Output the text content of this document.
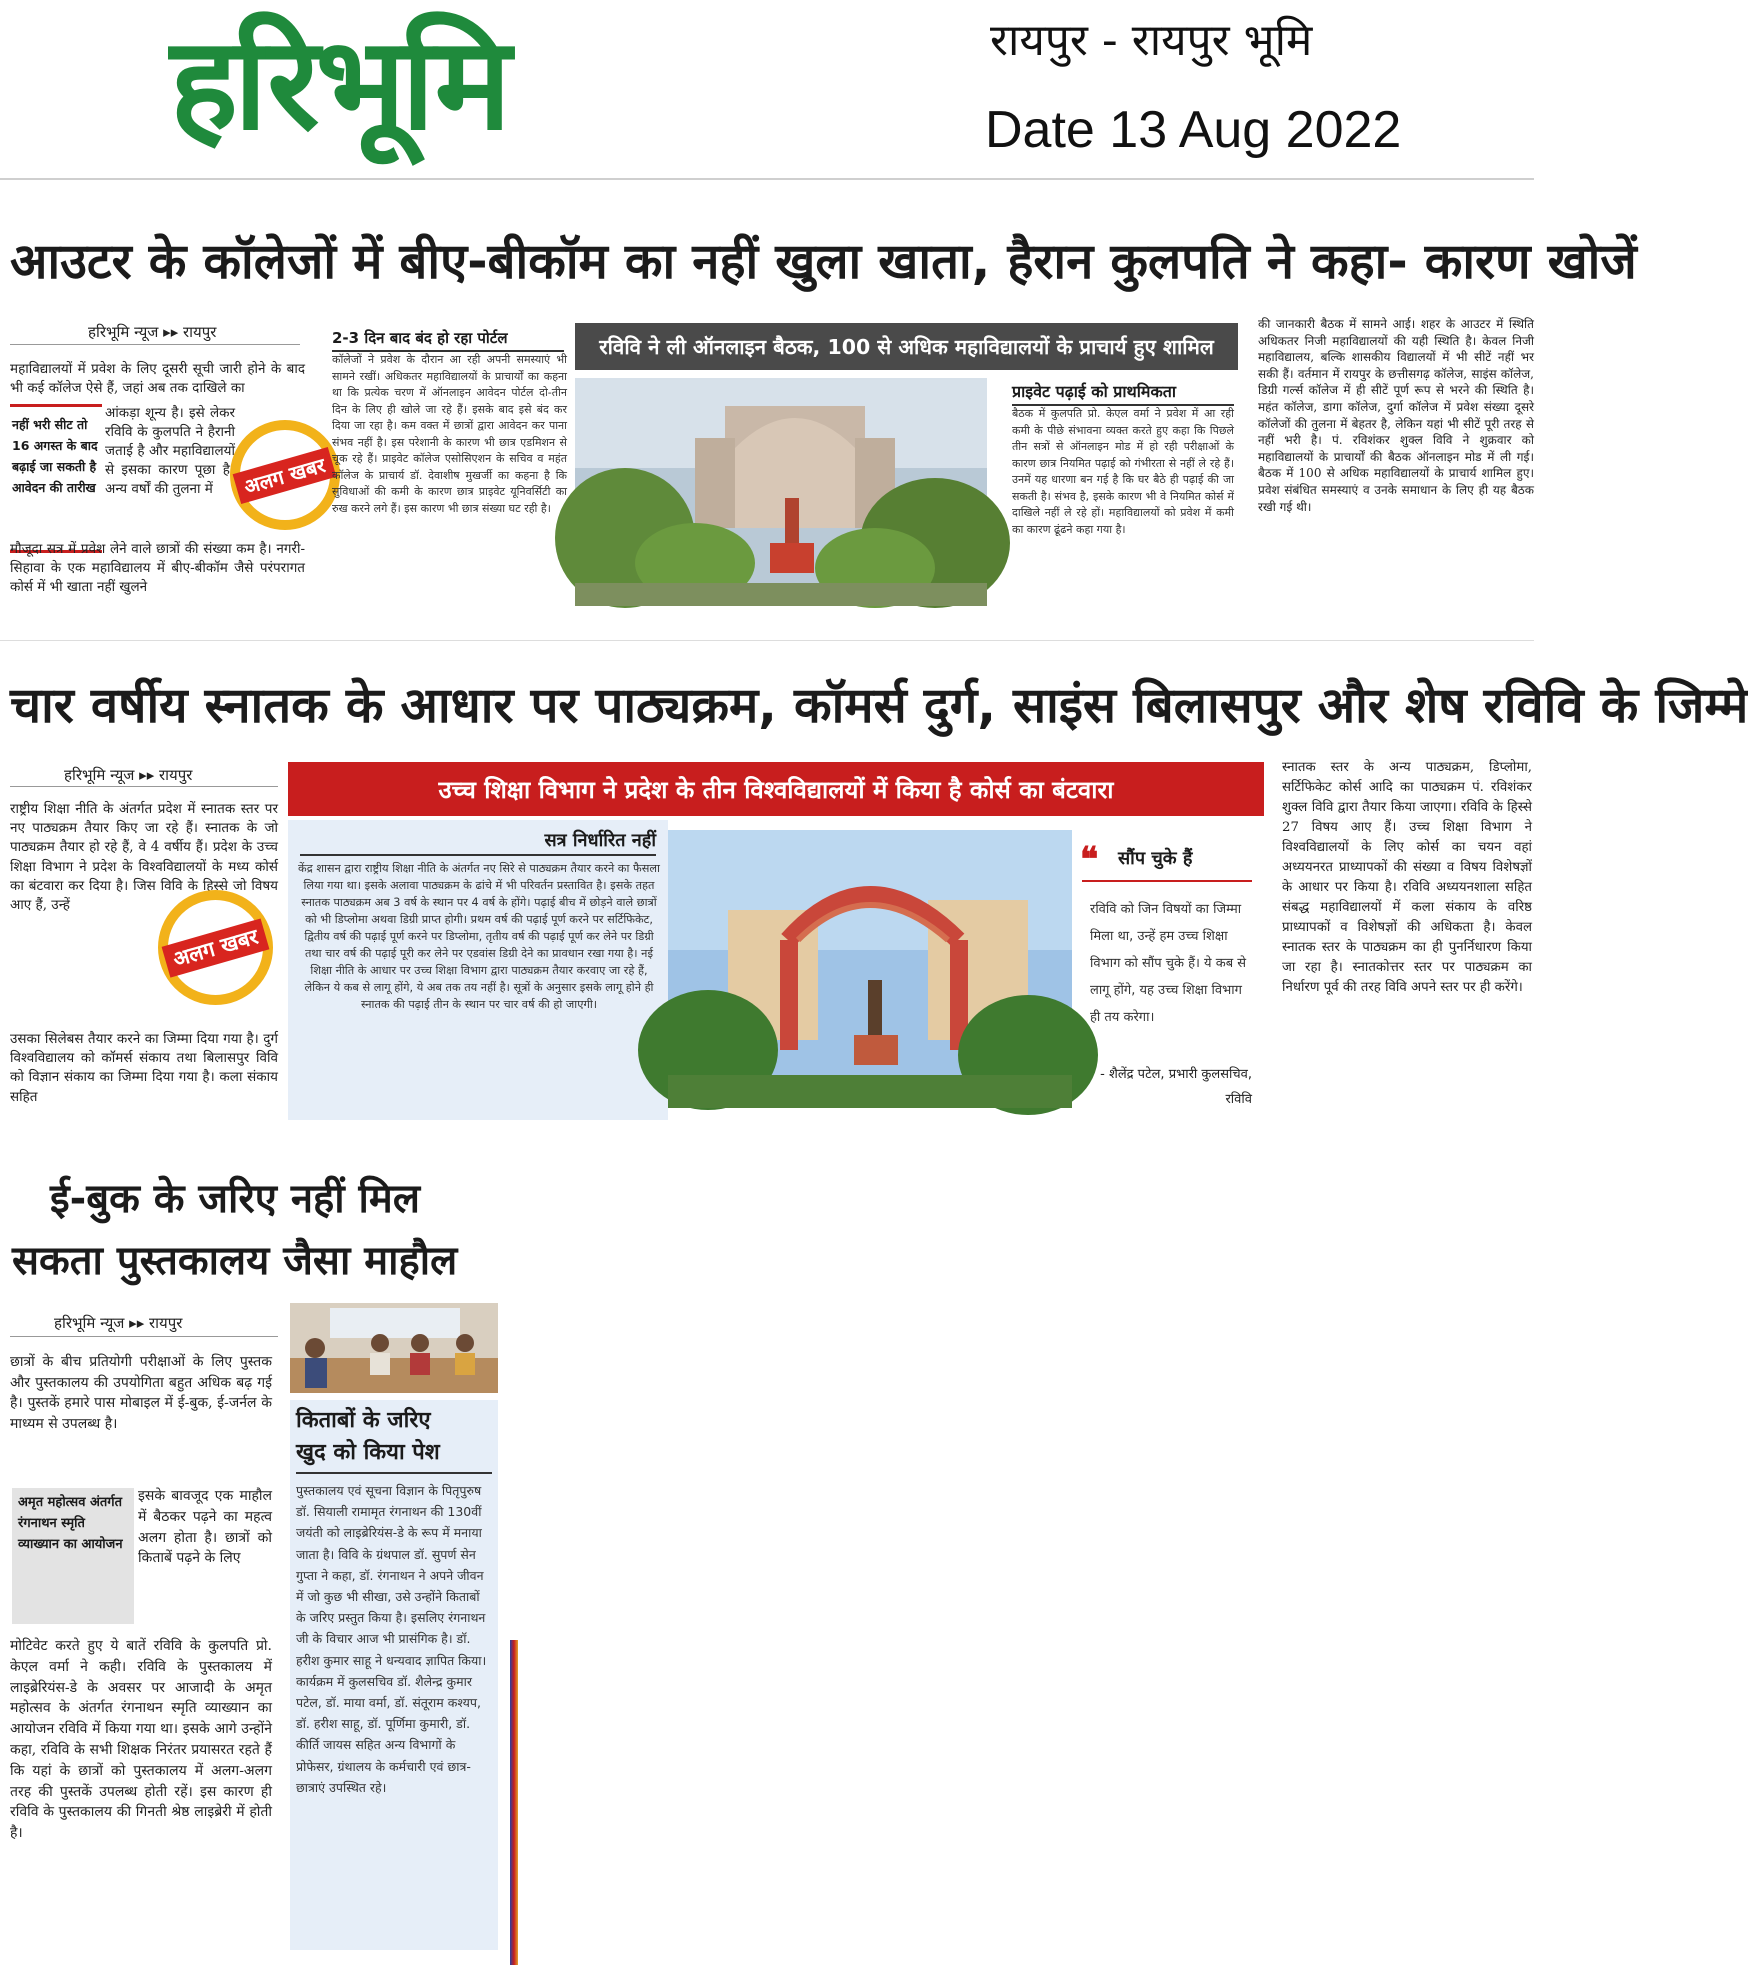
हरिभूमि	रायपुर - रायपुर भूमि
Date 13 Aug 2022
आउटर के कॉलेजों में बीए-बीकॉम का नहीं खुला खाता, हैरान कुलपति ने कहा- कारण खोजें
हरिभूमि न्यूज ▸▸ रायपुर
महाविद्यालयों में प्रवेश के लिए दूसरी सूची जारी होने के बाद भी कई कॉलेज ऐसे हैं, जहां अब तक दाखिले का
नहीं भरी सीट तो 16 अगस्त के बाद बढ़ाई जा सकती है आवेदन की तारीख
आंकड़ा शून्य है। इसे लेकर रविवि के कुलपति ने हैरानी जताई है और महाविद्यालयों से इसका कारण पूछा है। अन्य वर्षों की तुलना में	अलग खबर
मौजूदा सत्र में प्रवेश लेने वाले छात्रों की संख्या कम है। नगरी-सिहावा के एक महाविद्यालय में बीए-बीकॉम जैसे परंपरागत कोर्स में भी खाता नहीं खुलने
2-3 दिन बाद बंद हो रहा पोर्टल
कॉलेजों ने प्रवेश के दौरान आ रही अपनी समस्याएं भी सामने रखीं। अधिकतर महाविद्यालयों के प्राचार्यों का कहना था कि प्रत्येक चरण में ऑनलाइन आवेदन पोर्टल दो-तीन दिन के लिए ही खोले जा रहे हैं। इसके बाद इसे बंद कर दिया जा रहा है। कम वक्त में छात्रों द्वारा आवेदन कर पाना संभव नहीं है। इस परेशानी के कारण भी छात्र एडमिशन से चूक रहे हैं। प्राइवेट कॉलेज एसोसिएशन के सचिव व महंत कॉलेज के प्राचार्य डॉ. देवाशीष मुखर्जी का कहना है कि सुविधाओं की कमी के कारण छात्र प्राइवेट यूनिवर्सिटी का रुख करने लगे हैं। इस कारण भी छात्र संख्या घट रही है।
रविवि ने ली ऑनलाइन बैठक, 100 से अधिक महाविद्यालयों के प्राचार्य हुए शामिल
प्राइवेट पढ़ाई को प्राथमिकता
बैठक में कुलपति प्रो. केएल वर्मा ने प्रवेश में आ रही कमी के पीछे संभावना व्यक्त करते हुए कहा कि पिछले तीन सत्रों से ऑनलाइन मोड में हो रही परीक्षाओं के कारण छात्र नियमित पढ़ाई को गंभीरता से नहीं ले रहे हैं। उनमें यह धारणा बन गई है कि घर बैठे ही पढ़ाई की जा सकती है। संभव है, इसके कारण भी वे नियमित कोर्स में दाखिले नहीं ले रहे हों। महाविद्यालयों को प्रवेश में कमी का कारण ढूंढने कहा गया है।
की जानकारी बैठक में सामने आई। शहर के आउटर में स्थिति अधिकतर निजी महाविद्यालयों की यही स्थिति है। केवल निजी महाविद्यालय, बल्कि शासकीय विद्यालयों में भी सीटें नहीं भर सकी हैं। वर्तमान में रायपुर के छत्तीसगढ़ कॉलेज, साइंस कॉलेज, डिग्री गर्ल्स कॉलेज में ही सीटें पूर्ण रूप से भरने की स्थिति है। महंत कॉलेज, डागा कॉलेज, दुर्गा कॉलेज में प्रवेश संख्या दूसरे कॉलेजों की तुलना में बेहतर है, लेकिन यहां भी सीटें पूरी तरह से नहीं भरी है। पं. रविशंकर शुक्ल विवि ने शुक्रवार को महाविद्यालयों के प्राचार्यों की बैठक ऑनलाइन मोड में ली गई। बैठक में 100 से अधिक महाविद्यालयों के प्राचार्य शामिल हुए। प्रवेश संबंधित समस्याएं व उनके समाधान के लिए ही यह बैठक रखी गई थी।
चार वर्षीय स्नातक के आधार पर पाठ्यक्रम, कॉमर्स दुर्ग, साइंस बिलासपुर और शेष रविवि के जिम्मे
हरिभूमि न्यूज ▸▸ रायपुर
राष्ट्रीय शिक्षा नीति के अंतर्गत प्रदेश में स्नातक स्तर पर नए पाठ्यक्रम तैयार किए जा रहे हैं। स्नातक के जो पाठ्यक्रम तैयार हो रहे हैं, वे 4 वर्षीय हैं। प्रदेश के उच्च शिक्षा विभाग ने प्रदेश के विश्वविद्यालयों के मध्य कोर्स का बंटवारा कर दिया है। जिस विवि के हिस्से जो विषय आए हैं, उन्हें
अलग खबर
उसका सिलेबस तैयार करने का जिम्मा दिया गया है। दुर्ग विश्वविद्यालय को कॉमर्स संकाय तथा बिलासपुर विवि को विज्ञान संकाय का जिम्मा दिया गया है। कला संकाय सहित
उच्च शिक्षा विभाग ने प्रदेश के तीन विश्वविद्यालयों में किया है कोर्स का बंटवारा
सत्र निर्धारित नहीं
केंद्र शासन द्वारा राष्ट्रीय शिक्षा नीति के अंतर्गत नए सिरे से पाठ्यक्रम तैयार करने का फैसला लिया गया था। इसके अलावा पाठ्यक्रम के ढांचे में भी परिवर्तन प्रस्तावित है। इसके तहत स्नातक पाठ्यक्रम अब 3 वर्ष के स्थान पर 4 वर्ष के होंगे। पढ़ाई बीच में छोड़ने वाले छात्रों को भी डिप्लोमा अथवा डिग्री प्राप्त होगी। प्रथम वर्ष की पढ़ाई पूर्ण करने पर सर्टिफिकेट, द्वितीय वर्ष की पढ़ाई पूर्ण करने पर डिप्लोमा, तृतीय वर्ष की पढ़ाई पूर्ण कर लेने पर डिग्री तथा चार वर्ष की पढ़ाई पूरी कर लेने पर एडवांस डिग्री देने का प्रावधान रखा गया है। नई शिक्षा नीति के आधार पर उच्च शिक्षा विभाग द्वारा पाठ्यक्रम तैयार करवाए जा रहे हैं, लेकिन ये कब से लागू होंगे, ये अब तक तय नहीं है। सूत्रों के अनुसार इसके लागू होने ही स्नातक की पढ़ाई तीन के स्थान पर चार वर्ष की हो जाएगी।
❝	सौंप चुके हैं
रविवि को जिन विषयों का जिम्मा मिला था, उन्हें हम उच्च शिक्षा विभाग को सौंप चुके हैं। ये कब से लागू होंगे, यह उच्च शिक्षा विभाग ही तय करेगा।
- शैलेंद्र पटेल, प्रभारी कुलसचिव, रविवि
स्नातक स्तर के अन्य पाठ्यक्रम, डिप्लोमा, सर्टिफिकेट कोर्स आदि का पाठ्यक्रम पं. रविशंकर शुक्ल विवि द्वारा तैयार किया जाएगा। रविवि के हिस्से 27 विषय आए हैं। उच्च शिक्षा विभाग ने विश्वविद्यालयों के लिए कोर्स का चयन वहां अध्ययनरत प्राध्यापकों की संख्या व विषय विशेषज्ञों के आधार पर किया है। रविवि अध्ययनशाला सहित संबद्ध महाविद्यालयों में कला संकाय के वरिष्ठ प्राध्यापकों व विशेषज्ञों की अधिकता है। केवल स्नातक स्तर के पाठ्यक्रम का ही पुनर्निधारण किया जा रहा है। स्नातकोत्तर स्तर पर पाठ्यक्रम का निर्धारण पूर्व की तरह विवि अपने स्तर पर ही करेंगे।
ई-बुक के जरिए नहीं मिल
सकता पुस्तकालय जैसा माहौल
हरिभूमि न्यूज ▸▸ रायपुर
छात्रों के बीच प्रतियोगी परीक्षाओं के लिए पुस्तक और पुस्तकालय की उपयोगिता बहुत अधिक बढ़ गई है। पुस्तकें हमारे पास मोबाइल में ई-बुक, ई-जर्नल के माध्यम से उपलब्ध है।
अमृत महोत्सव अंतर्गत रंगनाथन स्मृति व्याख्यान का आयोजन
इसके बावजूद एक माहौल में बैठकर पढ़ने का महत्व अलग होता है। छात्रों को किताबें पढ़ने के लिए
मोटिवेट करते हुए ये बातें रविवि के कुलपति प्रो. केएल वर्मा ने कही। रविवि के पुस्तकालय में लाइब्रेरियंस-डे के अवसर पर आजादी के अमृत महोत्सव के अंतर्गत रंगनाथन स्मृति व्याख्यान का आयोजन रविवि में किया गया था। इसके आगे उन्होंने कहा, रविवि के सभी शिक्षक निरंतर प्रयासरत रहते हैं कि यहां के छात्रों को पुस्तकालय में अलग-अलग तरह की पुस्तकें उपलब्ध होती रहें। इस कारण ही रविवि के पुस्तकालय की गिनती श्रेष्ठ लाइब्रेरी में होती है।
किताबों के जरिए
खुद को किया पेश
पुस्तकालय एवं सूचना विज्ञान के पितृपुरुष डॉ. सियाली रामामृत रंगनाथन की 130वीं जयंती को लाइब्रेरियंस-डे के रूप में मनाया जाता है। विवि के ग्रंथपाल डॉ. सुपर्ण सेन गुप्ता ने कहा, डॉ. रंगनाथन ने अपने जीवन में जो कुछ भी सीखा, उसे उन्होंने किताबों के जरिए प्रस्तुत किया है। इसलिए रंगनाथन जी के विचार आज भी प्रासंगिक है। डॉ. हरीश कुमार साहू ने धन्यवाद ज्ञापित किया। कार्यक्रम में कुलसचिव डॉ. शैलेन्द्र कुमार पटेल, डॉ. माया वर्मा, डॉ. संतूराम कश्यप, डॉ. हरीश साहू, डॉ. पूर्णिमा कुमारी, डॉ. कीर्ति जायस सहित अन्य विभागों के प्रोफेसर, ग्रंथालय के कर्मचारी एवं छात्र-छात्राएं उपस्थित रहे।
